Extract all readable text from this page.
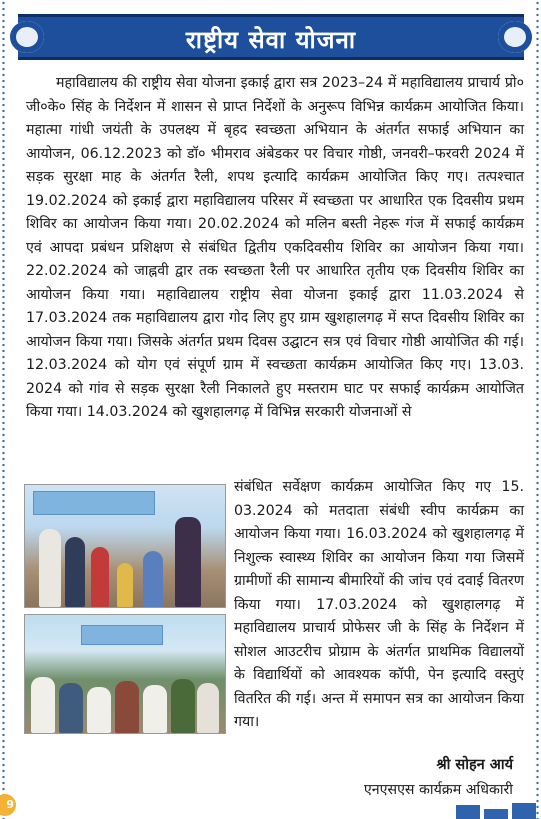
राष्ट्रीय सेवा योजना
महाविद्यालय की राष्ट्रीय सेवा योजना इकाई द्वारा सत्र 2023–24 में महाविद्यालय प्राचार्य प्रो० जी०के० सिंह के निर्देशन में शासन से प्राप्त निर्देशों के अनुरूप विभिन्न कार्यक्रम आयोजित किया। महात्मा गांधी जयंती के उपलक्ष्य में बृहद स्वच्छता अभियान के अंतर्गत सफाई अभियान का आयोजन, 06.12.2023 को डॉ० भीमराव अंबेडकर पर विचार गोष्ठी, जनवरी–फरवरी 2024 में सड़क सुरक्षा माह के अंतर्गत रैली, शपथ इत्यादि कार्यक्रम आयोजित किए गए। तत्पश्चात 19.02.2024 को इकाई द्वारा महाविद्यालय परिसर में स्वच्छता पर आधारित एक दिवसीय प्रथम शिविर का आयोजन किया गया। 20.02.2024 को मलिन बस्ती नेहरू गंज में सफाई कार्यक्रम एवं आपदा प्रबंधन प्रशिक्षण से संबंधित द्वितीय एकदिवसीय शिविर का आयोजन किया गया। 22.02.2024 को जाह्नवी द्वार तक स्वच्छता रैली पर आधारित तृतीय एक दिवसीय शिविर का आयोजन किया गया। महाविद्यालय राष्ट्रीय सेवा योजना इकाई द्वारा 11.03.2024 से 17.03.2024 तक महाविद्यालय द्वारा गोद लिए हुए ग्राम खुशहालगढ़ में सप्त दिवसीय शिविर का आयोजन किया गया। जिसके अंतर्गत प्रथम दिवस उद्घाटन सत्र एवं विचार गोष्ठी आयोजित की गई। 12.03.2024 को योग एवं संपूर्ण ग्राम में स्वच्छता कार्यक्रम आयोजित किए गए। 13.03. 2024 को गांव से सड़क सुरक्षा रैली निकालते हुए मस्तराम घाट पर सफाई कार्यक्रम आयोजित किया गया। 14.03.2024 को खुशहालगढ़ में विभिन्न सरकारी योजनाओं से
संबंधित सर्वेक्षण कार्यक्रम आयोजित किए गए 15. 03.2024 को मतदाता संबंधी स्वीप कार्यक्रम का आयोजन किया गया। 16.03.2024 को खुशहालगढ़ में निशुल्क स्वास्थ्य शिविर का आयोजन किया गया जिसमें ग्रामीणों की सामान्य बीमारियों की जांच एवं दवाई वितरण किया गया। 17.03.2024 को खुशहालगढ़ में महाविद्यालय प्राचार्य प्रोफेसर जी के सिंह के निर्देशन में सोशल आउटरीच प्रोग्राम के अंतर्गत प्राथमिक विद्यालयों के विद्यार्थियों को आवश्यक कॉपी, पेन इत्यादि वस्तुएं वितरित की गई। अन्त में समापन सत्र का आयोजन किया गया।
श्री सोहन आर्य
एनएसएस कार्यक्रम अधिकारी
9
